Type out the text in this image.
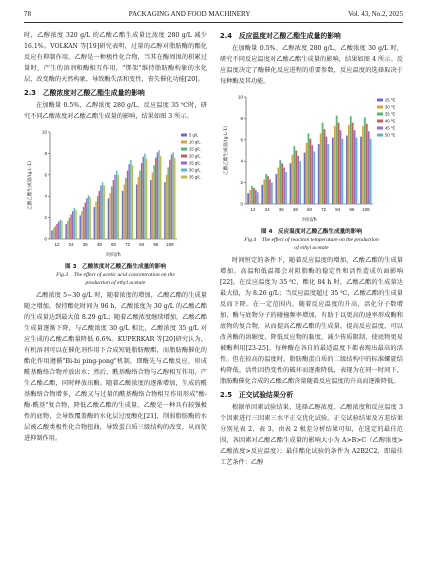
78	PACKAGING AND FOOD MACHINERY	Vol. 43, No.2, 2025

时，乙醇浓度 320 g/L 的乙酸乙酯生成量比浓度 280 g/L 减少 16.1%。VOLKAN 等[19]研究表明，过量的乙醇对脂肪酶的酯化反应有抑制作用。乙醇是一种极性化合物，当其在酶周围的积累过量时，产生的溶剂和酶相互作用，"绑架"维持脂肪酶构象的水化层，改变酶的天然构象，导致酶失活和变性，丧失催化功能[20]。

2.3　乙酸浓度对乙酸乙酯生成量的影响

在加酶量 0.5%、乙醇浓度 280 g/L、反应温度 35 ℃时，研究不同乙酸浓度对乙酸乙酯生成量的影响，结果如图 3 所示。

0
2
4
6
8
10
乙酸乙酯生成量/(g·L-1)
12 24 36 48 60 72 84 96 108
时间/h
5 g/L
10 g/L
15 g/L
20 g/L
25 g/L
30 g/L
35 g/L

图 3　乙酸浓度对乙酸乙酯生成量的影响

Fig.3　The effect of acetic acid concentration on the

production of ethyl acetate

乙酸浓度 5~30 g/L 时，随着浓度的增加，乙酸乙酯的生成量随之增加，保持酯化时间为 96 h，乙酸浓度为 30 g/L 的乙酸乙酯的生成量达到最大值 8.29 g/L；随着乙酸浓度继续增加，乙酸乙酯生成量逐渐下降，与乙酸浓度 30 g/L 相比，乙酸浓度 35 g/L 对应生成的乙酸乙酯量降低 6.6%。KUPERKAR 等[20]研究认为，有机溶剂可以在催化剂作用下合成短链脂肪酸酯，而脂肪酶催化的酯化作用遵循"Bi-bi ping-pong"机制，即酶先与乙酸反应，形成酰基酶络合物并放出水；然后，酰基酶络合物与乙醇相互作用，产生乙酸乙酯，同时释放出酶。随着乙酸浓度的逐渐增加，生成的酰基酶络合物增多，乙酸又与过量的酰基酶络合物相互作用形成"酸-酶-酰基"复合物，降低乙酸乙酯的生成量。乙酸是一种具有较强极性的底物，会导致覆盖酶的水化层过度酸化[21]，削弱脂肪酶的水层被乙酸类极性化合物扭曲，导致蛋白质三级结构的改变，从而促进抑制作用。

2.4　反应温度对乙酸乙酯生成量的影响

在加酶量 0.5%、乙醇浓度 280 g/L、乙酸浓度 30 g/L 时，研究不同反应温度对乙酸乙酯生成量的影响，结果如图 4 所示。反应温度决定了酶催化反应进程的重要参数，反应温度的选择取决于每种酶及其功能。

0
2
4
6
8
10
乙酸乙酯生成量/(g·L-1)
12 24 36 48 60 72 84 96 108
时间/h
25 ℃
30 ℃
35 ℃
40 ℃
45 ℃
50 ℃

图 4　反应温度对乙酸乙酯生成量的影响

Fig.4　The effect of reaction temperature on the production

of ethyl acetate

时间恒定的条件下，随着反应温度的增加，乙酸乙酯的生成量增加。高温和低温都会对阻脂酶的稳定性和活性造成负面影响[22]。在反应温度为 35 ℃，酯化 84 h 时，乙酸乙酯的生成量达最大值，为 8.26 g/L；当反应温度超过 35 ℃，乙酸乙酯的生成量反而下降。在一定范围内，随着反应温度的升高，活化分子数增加，酶与底物分子的碰撞频率增加，有助于以更高的速率形成酶和底物的复合物，从而提高乙酸乙酯的生成量。提高反应温度，可以改善酶的溶解度，降低反应物的黏度，减少传质限制，使底物更易被酶利用[23-25]。每种酶在各自的最适温度下都表现出最高的活性。但在较高的温度时，脂肪酶蛋白质的二级结构中的标准螺旋结构降低，活性因热变性的破坏而逐渐降低，表现为在同一时间下，脂肪酶催化合成的乙酸乙酯含量随着反应温度的升高而逐渐降低。

2.5　正交试验结果分析

根据单因素试验结果，选择乙醇浓度、乙酸浓度和反应温度 3 个因素进行三因素三水平正交优化试验。正交试验结果及方差结果分别见表 2、表 3。由表 2 极差分析结果可知，在选定的最佳范围，各因素对乙酸乙酯生成量的影响大小为 A>B>C（乙醇浓度>乙酸浓度>反应温度）；最佳酯化试验的条件为 A2B2C2，即最佳工艺条件：乙醇
